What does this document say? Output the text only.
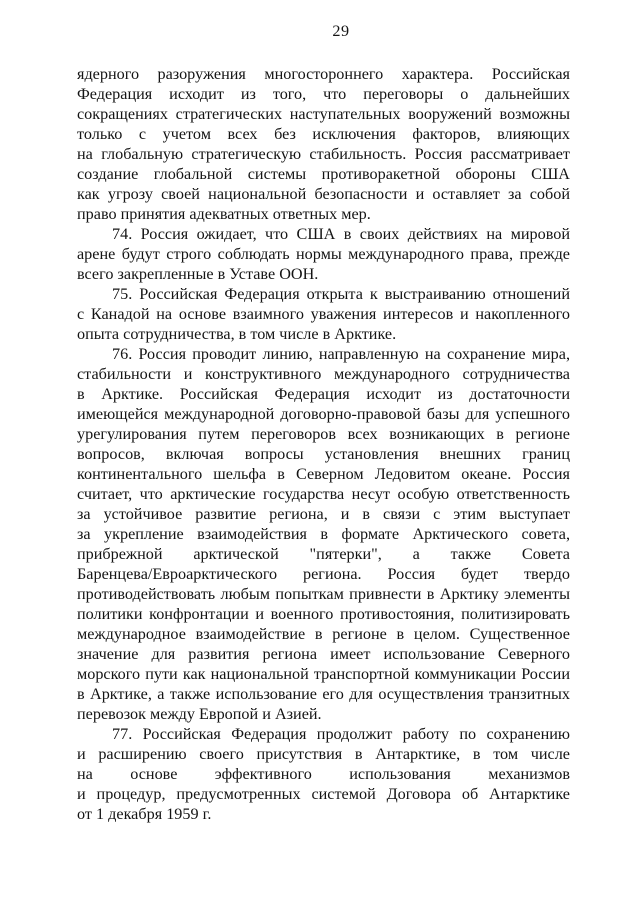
29
ядерного разоружения многостороннего характера. Российская
Федерация исходит из того, что переговоры о дальнейших
сокращениях стратегических наступательных вооружений возможны
только с учетом всех без исключения факторов, влияющих
на глобальную стратегическую стабильность. Россия рассматривает
создание глобальной системы противоракетной обороны США
как угрозу своей национальной безопасности и оставляет за собой
право принятия адекватных ответных мер.
74. Россия ожидает, что США в своих действиях на мировой
арене будут строго соблюдать нормы международного права, прежде
всего закрепленные в Уставе ООН.
75. Российская Федерация открыта к выстраиванию отношений
с Канадой на основе взаимного уважения интересов и накопленного
опыта сотрудничества, в том числе в Арктике.
76. Россия проводит линию, направленную на сохранение мира,
стабильности и конструктивного международного сотрудничества
в Арктике. Российская Федерация исходит из достаточности
имеющейся международной договорно-правовой базы для успешного
урегулирования путем переговоров всех возникающих в регионе
вопросов, включая вопросы установления внешних границ
континентального шельфа в Северном Ледовитом океане. Россия
считает, что арктические государства несут особую ответственность
за устойчивое развитие региона, и в связи с этим выступает
за укрепление взаимодействия в формате Арктического совета,
прибрежной арктической "пятерки", а также Совета
Баренцева/Евроарктического региона. Россия будет твердо
противодействовать любым попыткам привнести в Арктику элементы
политики конфронтации и военного противостояния, политизировать
международное взаимодействие в регионе в целом. Существенное
значение для развития региона имеет использование Северного
морского пути как национальной транспортной коммуникации России
в Арктике, а также использование его для осуществления транзитных
перевозок между Европой и Азией.
77. Российская Федерация продолжит работу по сохранению
и расширению своего присутствия в Антарктике, в том числе
на основе эффективного использования механизмов
и процедур, предусмотренных системой Договора об Антарктике
от 1 декабря 1959 г.
